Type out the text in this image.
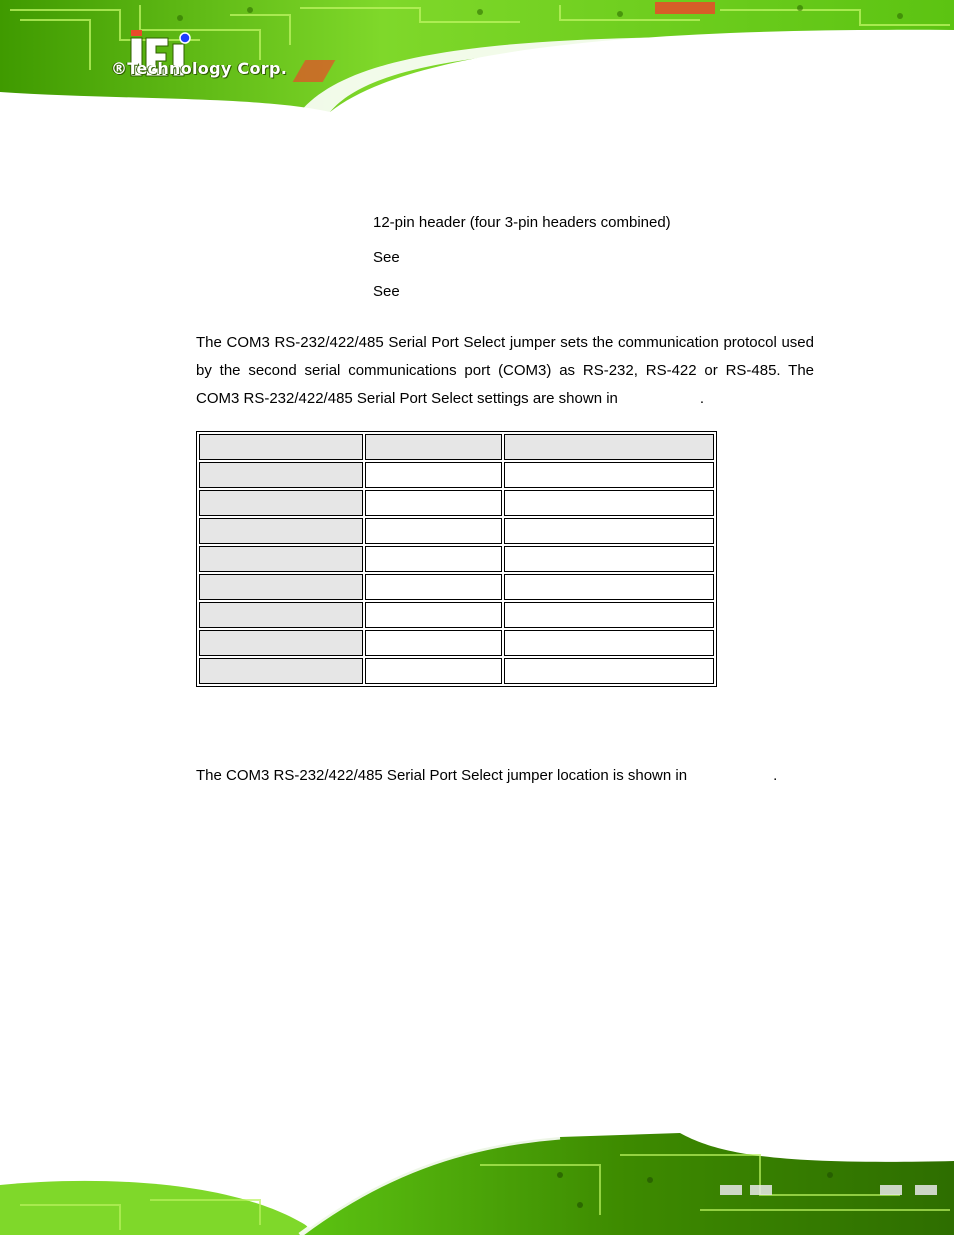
®Technology Corp.
12-pin header (four 3-pin headers combined)
See
See
The COM3 RS-232/422/485 Serial Port Select jumper sets the communication protocol used by the second serial communications port (COM3) as RS-232, RS-422 or RS-485. The COM3 RS-232/422/485 Serial Port Select settings are shown in	.

The COM3 RS-232/422/485 Serial Port Select jumper location is shown in	.
